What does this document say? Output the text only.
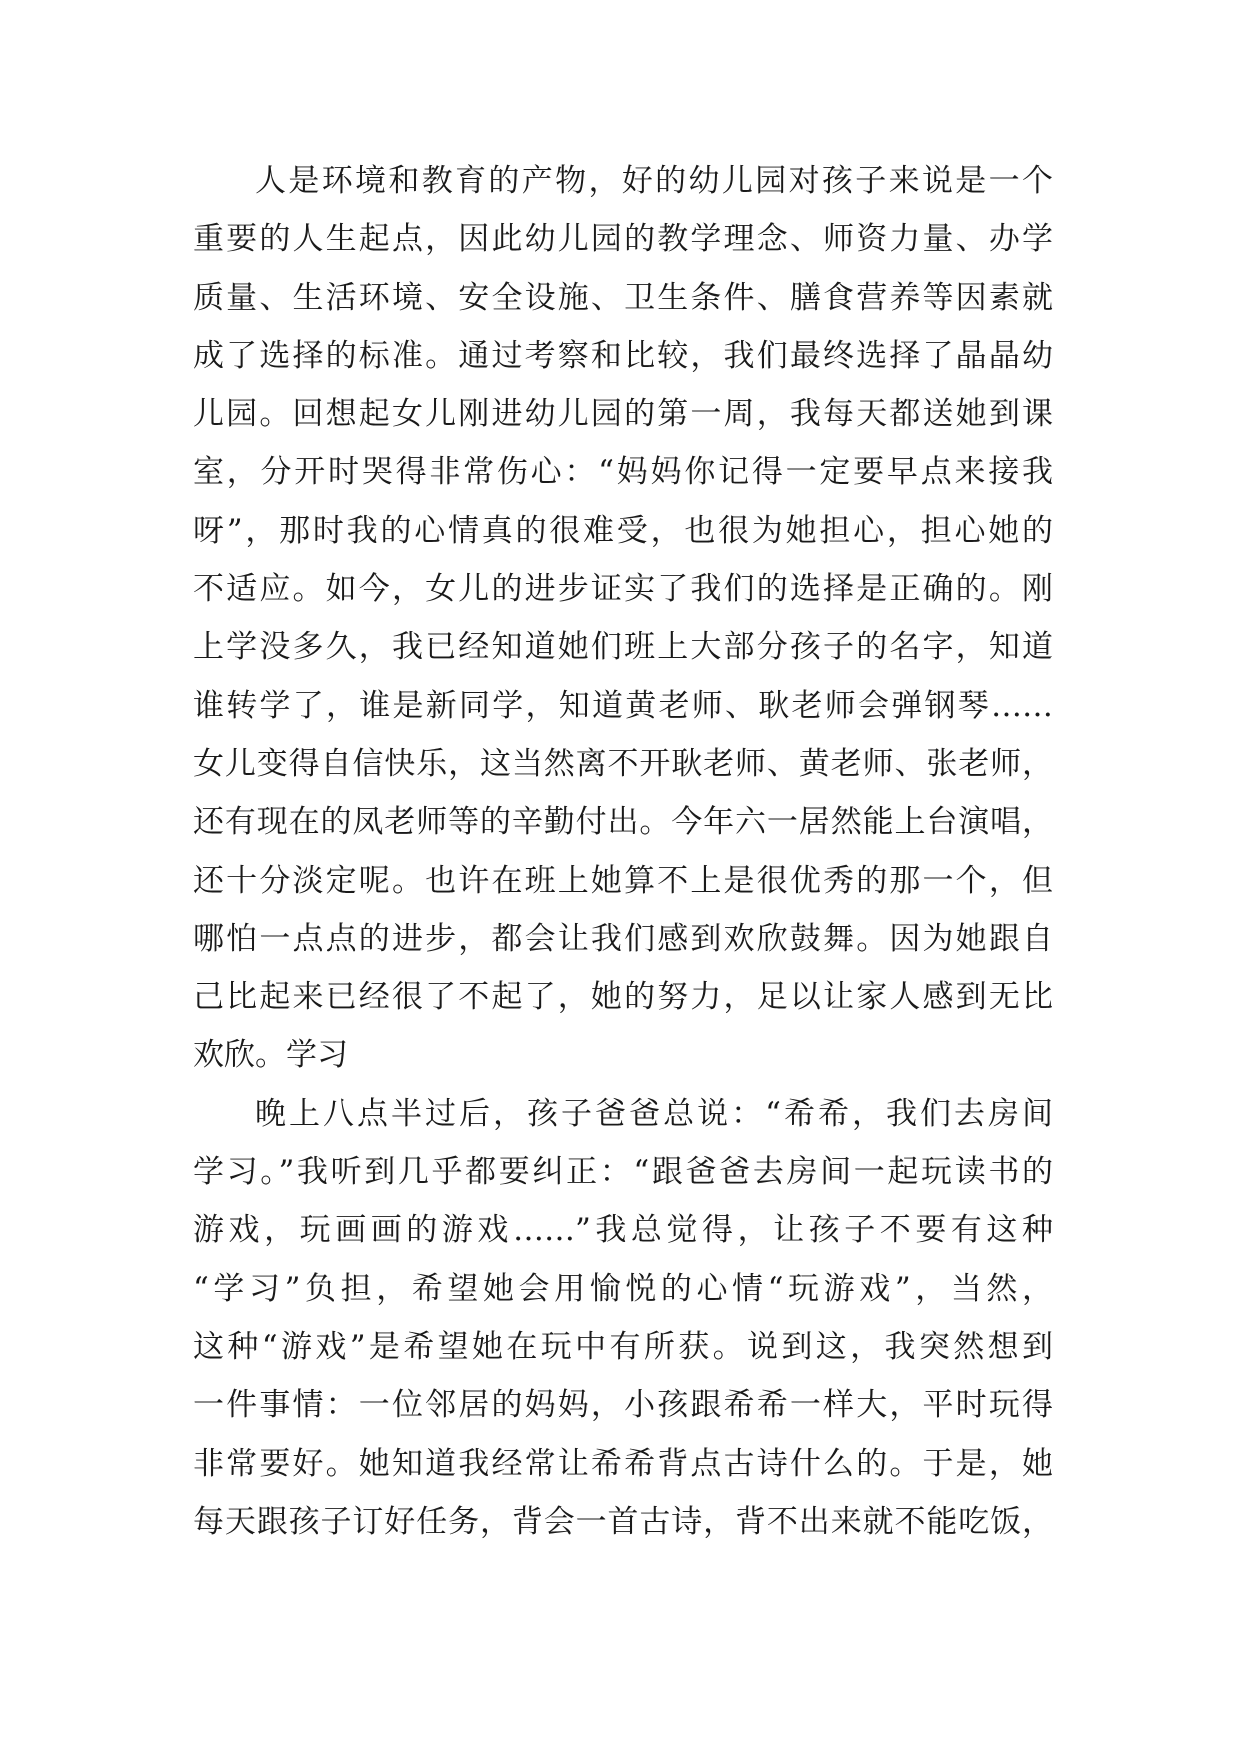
人是环境和教育的产物，好的幼儿园对孩子来说是一个
重要的人生起点，因此幼儿园的教学理念、师资力量、办学
质量、生活环境、安全设施、卫生条件、膳食营养等因素就
成了选择的标准。通过考察和比较，我们最终选择了晶晶幼
儿园。回想起女儿刚进幼儿园的第一周，我每天都送她到课
室，分开时哭得非常伤心：“妈妈你记得一定要早点来接我
呀”，那时我的心情真的很难受，也很为她担心，担心她的
不适应。如今，女儿的进步证实了我们的选择是正确的。刚
上学没多久，我已经知道她们班上大部分孩子的名字，知道
谁转学了，谁是新同学，知道黄老师、耿老师会弹钢琴……
女儿变得自信快乐，这当然离不开耿老师、黄老师、张老师，
还有现在的凤老师等的辛勤付出。今年六一居然能上台演唱，
还十分淡定呢。也许在班上她算不上是很优秀的那一个，但
哪怕一点点的进步，都会让我们感到欢欣鼓舞。因为她跟自
己比起来已经很了不起了，她的努力，足以让家人感到无比
欢欣。学习
晚上八点半过后，孩子爸爸总说：“希希，我们去房间
学习。”我听到几乎都要纠正：“跟爸爸去房间一起玩读书的
游戏，玩画画的游戏……”我总觉得，让孩子不要有这种
“学习”负担，希望她会用愉悦的心情“玩游戏”，当然，
这种“游戏”是希望她在玩中有所获。说到这，我突然想到
一件事情：一位邻居的妈妈，小孩跟希希一样大，平时玩得
非常要好。她知道我经常让希希背点古诗什么的。于是，她
每天跟孩子订好任务，背会一首古诗，背不出来就不能吃饭，
